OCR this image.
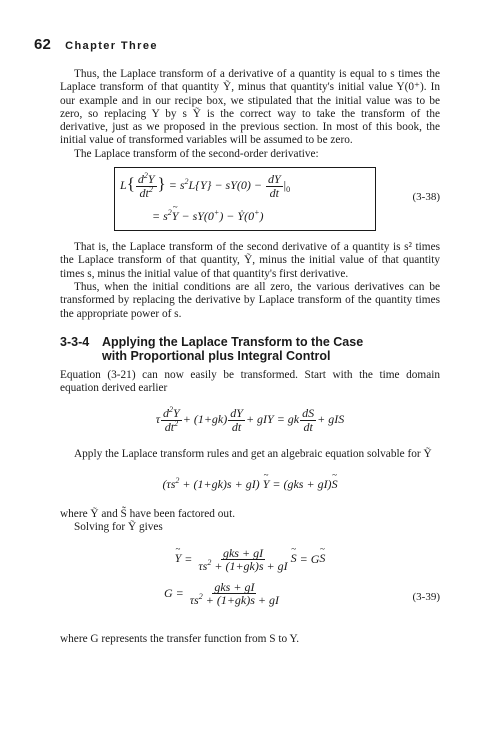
62 Chapter Three

Thus, the Laplace transform of a derivative of a quantity is equal to s times the Laplace transform of that quantity Ỹ, minus that quantity's initial value Y(0⁺). In our example and in our recipe box, we stipulated that the initial value was to be zero, so replacing Y by s Ỹ is the correct way to take the transform of the derivative, just as we proposed in the previous section. In most of this book, the initial value of transformed variables will be assumed to be zero.

The Laplace transform of the second-order derivative:

$L\{ \frac{d^2Y}{dt^2}$ } = $s^2L\{Y\} - sY(0) - \frac{dY}{dt} |_0$
= $s^2\sim$ Y − sY(0+) − Ẏ(0+)
(3-38)

That is, the Laplace transform of the second derivative of a quantity is s² times the Laplace transform of that quantity, Ỹ, minus the initial value of that quantity times s, minus the initial value of that quantity's first derivative.

Thus, when the initial conditions are all zero, the various derivatives can be transformed by replacing the derivative by Laplace transform of the quantity times the appropriate power of s.

3-3-4 Applying the Laplace Transform to the Case
with Proportional plus Integral Control

Equation (3-21) can now easily be transformed. Start with the time domain equation derived earlier

τ $\frac{d^2Y}{dt^2} + (1+gk) \frac{dY}{dt}$ + gIY = gk $\frac{dS}{dt}$ + gIS

Apply the Laplace transform rules and get an algebraic equation solvable for Ỹ

$(\tau s^2 + (1+gk)s + gI)$ ~ Y = (gks + gI)~ S

where Ỹ and S̃ have been factored out.

Solving for Ỹ gives

~ $Y = \frac{\text{gks + gI}}{\tau s^2 + (1+gk)s + gI}$
~ S = G~ S
$G = \frac{\text{gks + gI}}{\tau s^2 + (1+gk)s + gI}$	(3-39)

where G represents the transfer function from S to Y.
